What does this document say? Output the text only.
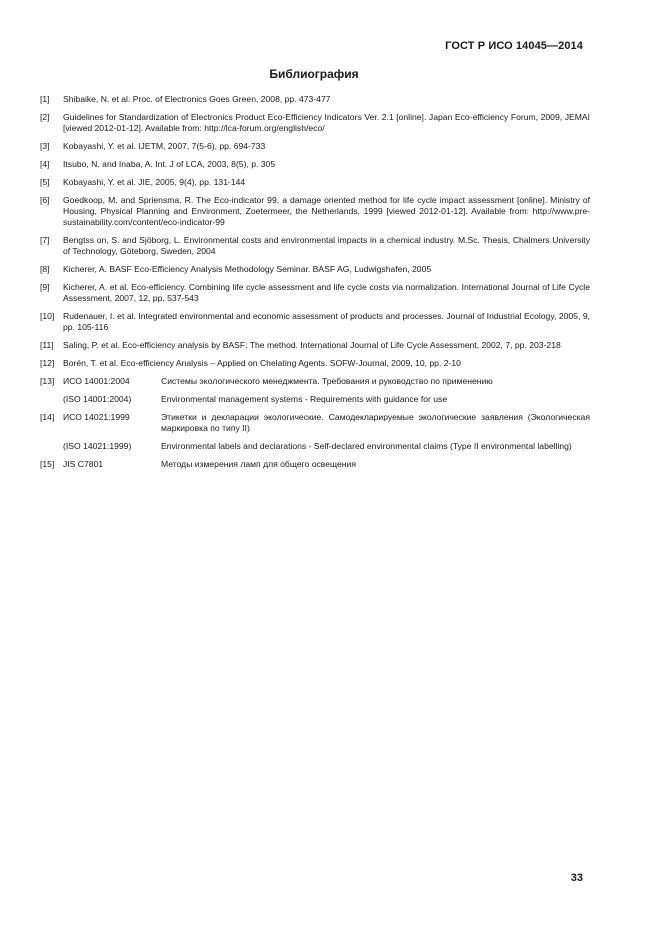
ГОСТ Р ИСО 14045—2014
Библиография
[1]	Shibaike, N. et al. Proc. of Electronics Goes Green, 2008, pp. 473-477
[2]	Guidelines for Standardization of Electronics Product Eco-Efficiency Indicators Ver. 2.1 [online]. Japan Eco-efficiency Forum, 2009, JEMAI [viewed 2012-01-12]. Available from: http://lca-forum.org/english/eco/
[3]	Kobayashi, Y. et al. IJETM, 2007, 7(5-6), pp. 694-733
[4]	Itsubo, N. and Inaba, A. Int. J of LCA, 2003, 8(5), p. 305
[5]	Kobayashi, Y. et al. JIE, 2005, 9(4), pp. 131-144
[6]	Goedkoop, M. and Spriensma, R. The Eco-indicator 99, a damage oriented method for life cycle impact assessment [online]. Ministry of Housing, Physical Planning and Environment, Zoetermeer, the Netherlands, 1999 [viewed 2012-01-12]. Available from: http://www.pre-sustainability.com/content/eco-indicator-99
[7]	Bengtss on, S. and Sjöborg, L. Environmental costs and environmental impacts in a chemical industry. M.Sc. Thesis, Chalmers University of Technology, Göteborg, Sweden, 2004
[8]	Kicherer, A. BASF Eco-Efficiency Analysis Methodology Seminar. BASF AG, Ludwigshafen, 2005
[9]	Kicherer, A. et al. Eco-efficiency. Combining life cycle assessment and life cycle costs via normalization. International Journal of Life Cycle Assessment, 2007, 12, pp. 537-543
[10]	Rudenauer, I. et al. Integrated environmental and economic assessment of products and processes. Journal of Industrial Ecology, 2005, 9, pp. 105-116
[11]	Saling, P. et al. Eco-efficiency analysis by BASF: The method. International Journal of Life Cycle Assessment, 2002, 7, pp. 203-218
[12]	Borén, T. et al. Eco-efficiency Analysis – Applied on Chelating Agents. SOFW-Journal, 2009, 10, pp. 2-10
[13]	ИСО 14001:2004	Системы экологического менеджмента. Требования и руководство по применению
(ISO 14001:2004)	Environmental management systems - Requirements with guidance for use
[14]	ИСО 14021:1999	Этикетки и декларации экологические. Самодекларируемые экологические заявления (Экологическая маркировка по типу II)
(ISO 14021:1999)	Environmental labels and declarations - Self-declared environmental claims (Type II environmental labelling)
[15]	JIS C7801	Методы измерения ламп для общего освещения
33
